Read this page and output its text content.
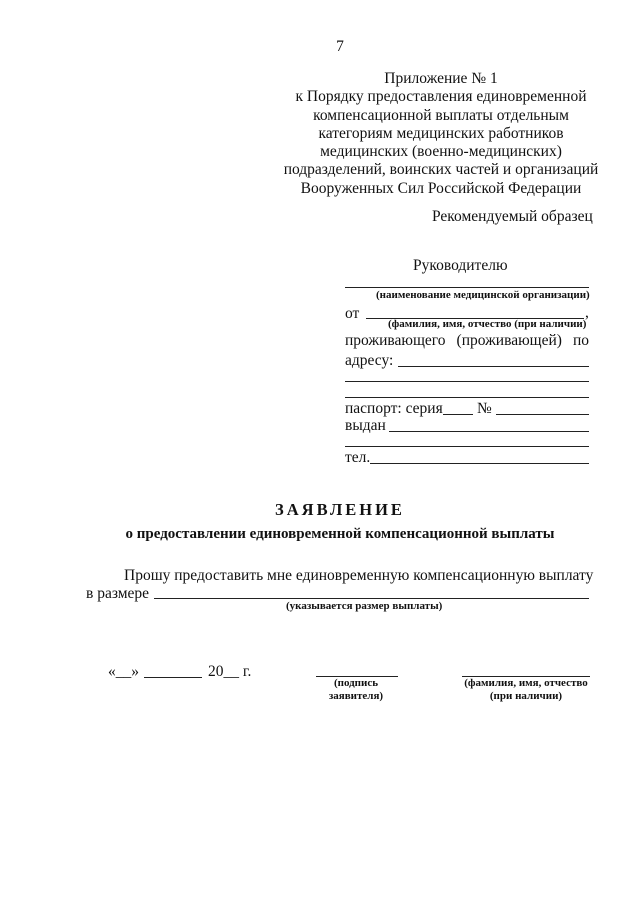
7
Приложение № 1
к Порядку предоставления единовременной
компенсационной выплаты отдельным
категориям медицинских работников
медицинских (военно-медицинских)
подразделений, воинских частей и организаций
Вооруженных Сил Российской Федерации
Рекомендуемый образец
Руководителю
(наименование медицинской организации)
от	,
(фамилия, имя, отчество (при наличии)
проживающего (проживающей) по
адресу:
паспорт: серия №
выдан
тел.
ЗАЯВЛЕНИЕ
о предоставлении единовременной компенсационной выплаты
Прошу предоставить мне единовременную компенсационную выплату
в размере
(указывается размер выплаты)
«__»	20__ г.
(подпись
заявителя)
(фамилия, имя, отчество
(при наличии)
